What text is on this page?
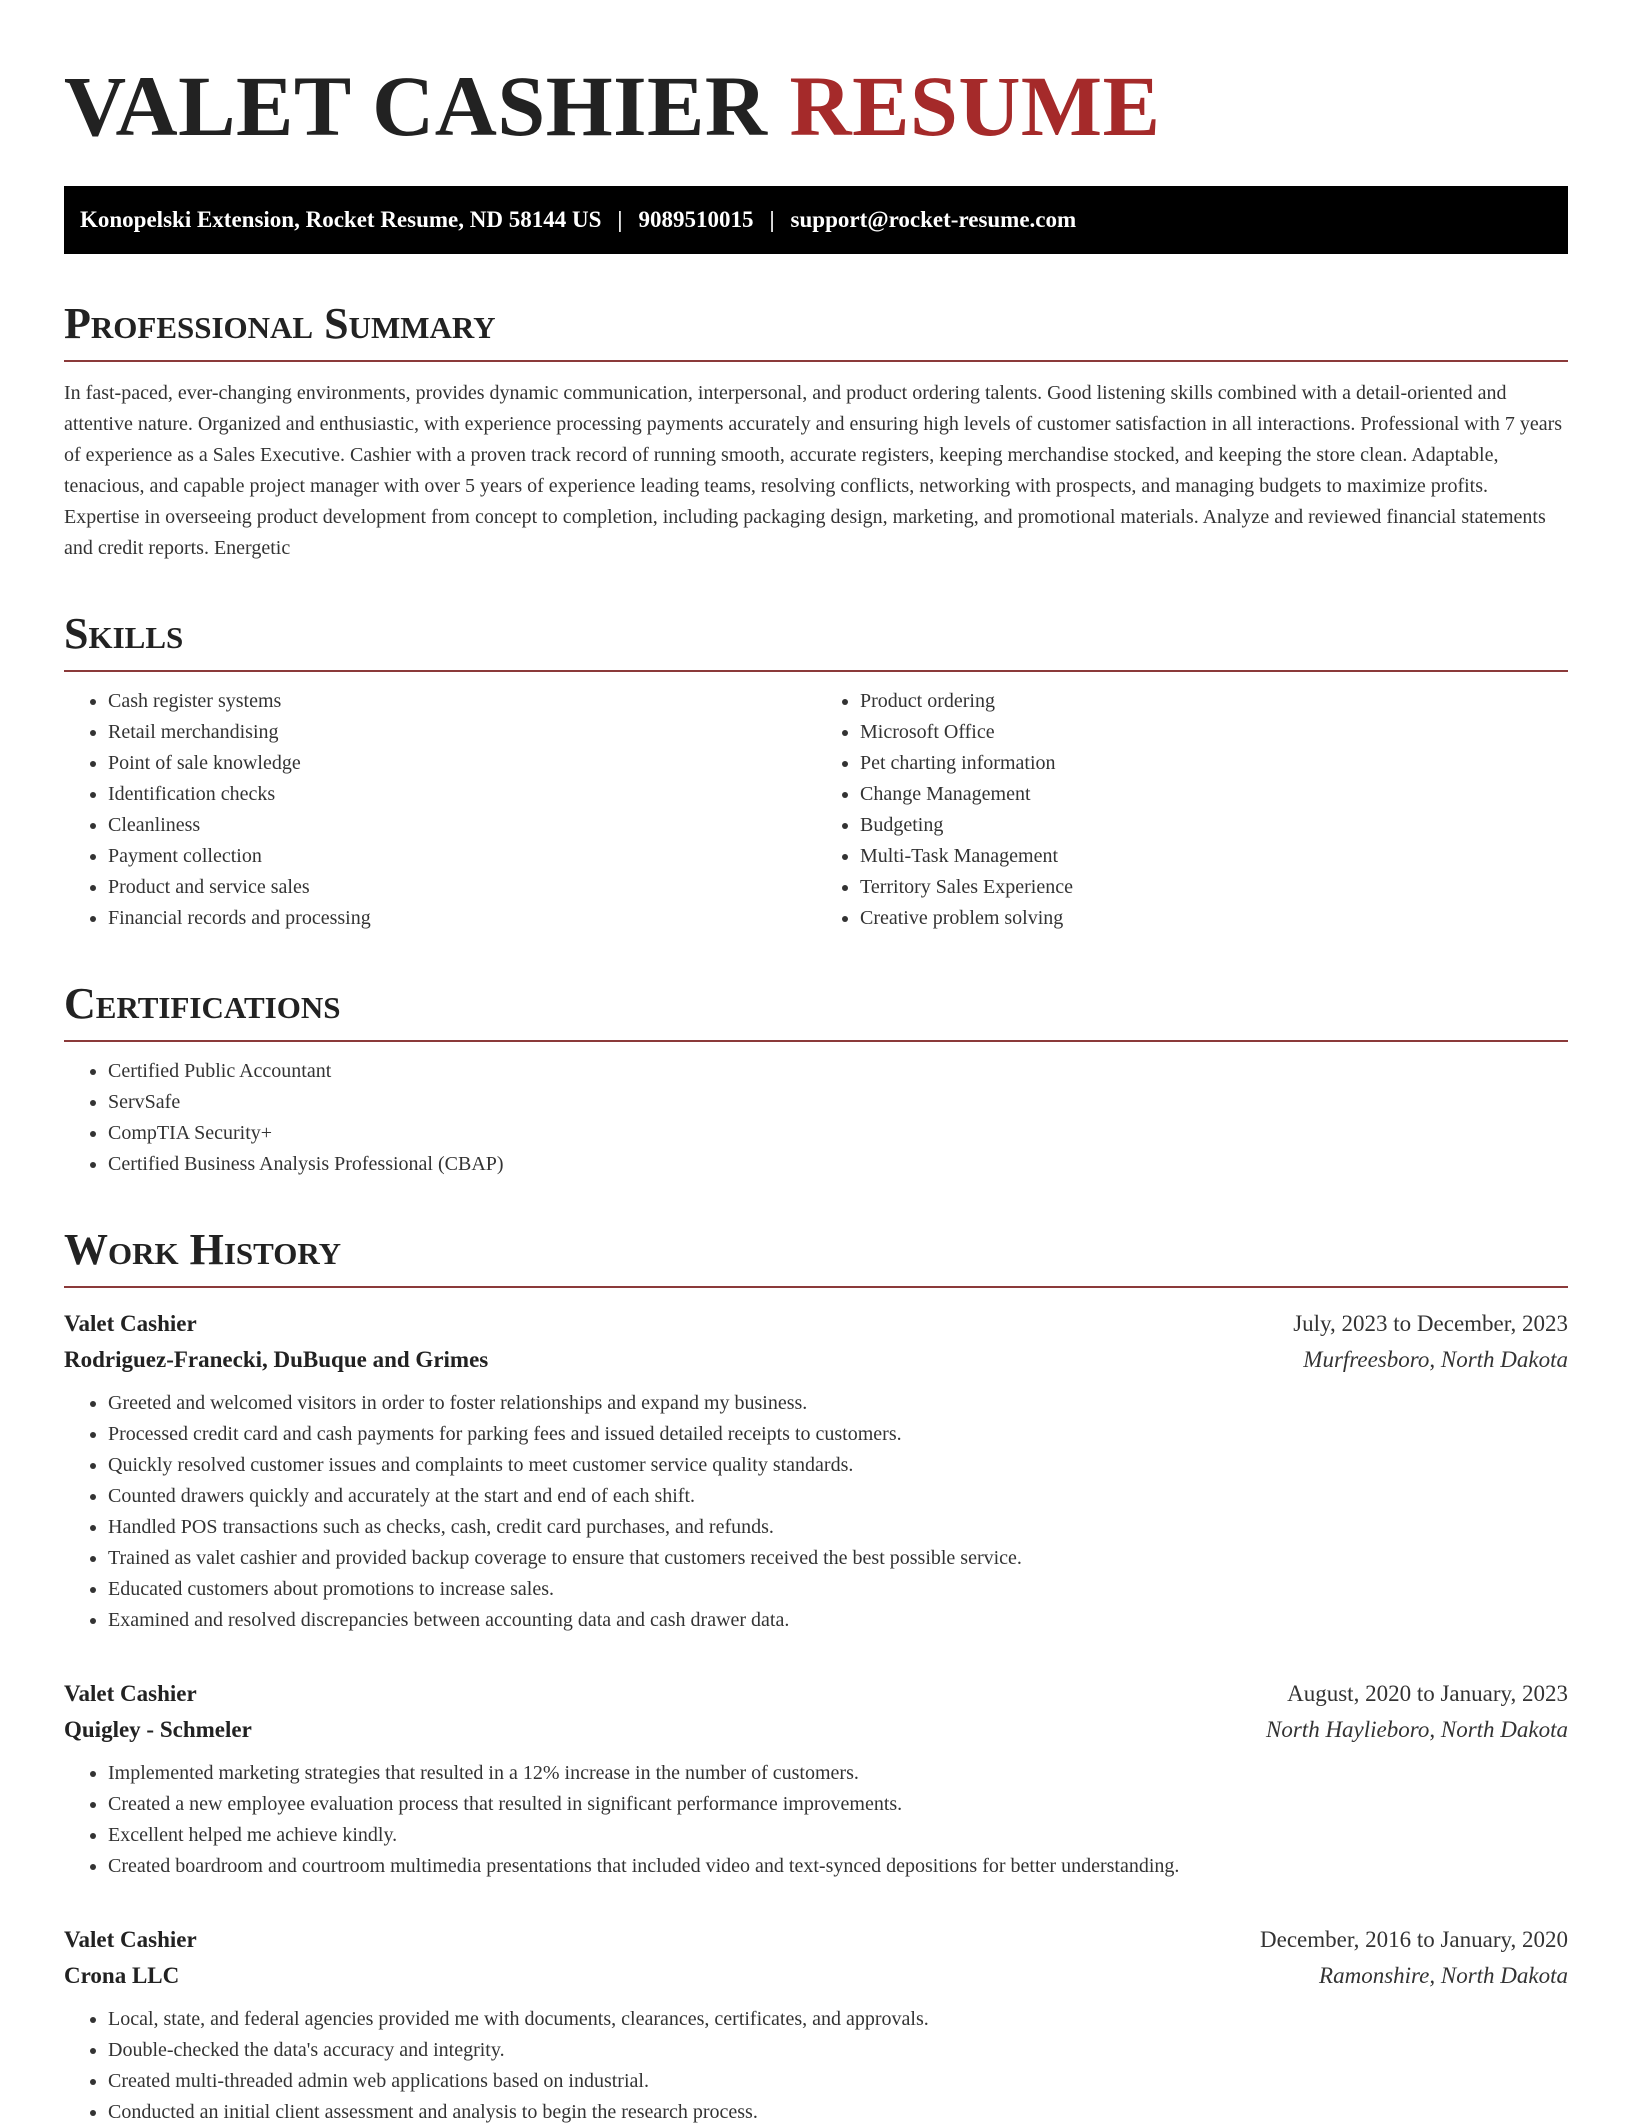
VALET CASHIER RESUME
Konopelski Extension, Rocket Resume, ND 58144 US | 9089510015 | support@rocket-resume.com
Professional Summary

In fast-paced, ever-changing environments, provides dynamic communication, interpersonal, and product ordering talents. Good listening skills combined with a detail-oriented and attentive nature. Organized and enthusiastic, with experience processing payments accurately and ensuring high levels of customer satisfaction in all interactions. Professional with 7 years of experience as a Sales Executive. Cashier with a proven track record of running smooth, accurate registers, keeping merchandise stocked, and keeping the store clean. Adaptable, tenacious, and capable project manager with over 5 years of experience leading teams, resolving conflicts, networking with prospects, and managing budgets to maximize profits. Expertise in overseeing product development from concept to completion, including packaging design, marketing, and promotional materials. Analyze and reviewed financial statements and credit reports. Energetic

Skills
• Cash register systems
• Retail merchandising
• Point of sale knowledge
• Identification checks
• Cleanliness
• Payment collection
• Product and service sales
• Financial records and processing
• Product ordering
• Microsoft Office
• Pet charting information
• Change Management
• Budgeting
• Multi-Task Management
• Territory Sales Experience
• Creative problem solving
Certifications
• Certified Public Accountant
• ServSafe
• CompTIA Security+
• Certified Business Analysis Professional (CBAP)
Work History
Valet Cashier	July, 2023 to December, 2023
Rodriguez-Franecki, DuBuque and Grimes	Murfreesboro, North Dakota
• Greeted and welcomed visitors in order to foster relationships and expand my business.
• Processed credit card and cash payments for parking fees and issued detailed receipts to customers.
• Quickly resolved customer issues and complaints to meet customer service quality standards.
• Counted drawers quickly and accurately at the start and end of each shift.
• Handled POS transactions such as checks, cash, credit card purchases, and refunds.
• Trained as valet cashier and provided backup coverage to ensure that customers received the best possible service.
• Educated customers about promotions to increase sales.
• Examined and resolved discrepancies between accounting data and cash drawer data.
Valet Cashier	August, 2020 to January, 2023
Quigley - Schmeler	North Haylieboro, North Dakota
• Implemented marketing strategies that resulted in a 12% increase in the number of customers.
• Created a new employee evaluation process that resulted in significant performance improvements.
• Excellent helped me achieve kindly.
• Created boardroom and courtroom multimedia presentations that included video and text-synced depositions for better understanding.
Valet Cashier	December, 2016 to January, 2020
Crona LLC	Ramonshire, North Dakota
• Local, state, and federal agencies provided me with documents, clearances, certificates, and approvals.
• Double-checked the data's accuracy and integrity.
• Created multi-threaded admin web applications based on industrial.
• Conducted an initial client assessment and analysis to begin the research process.
